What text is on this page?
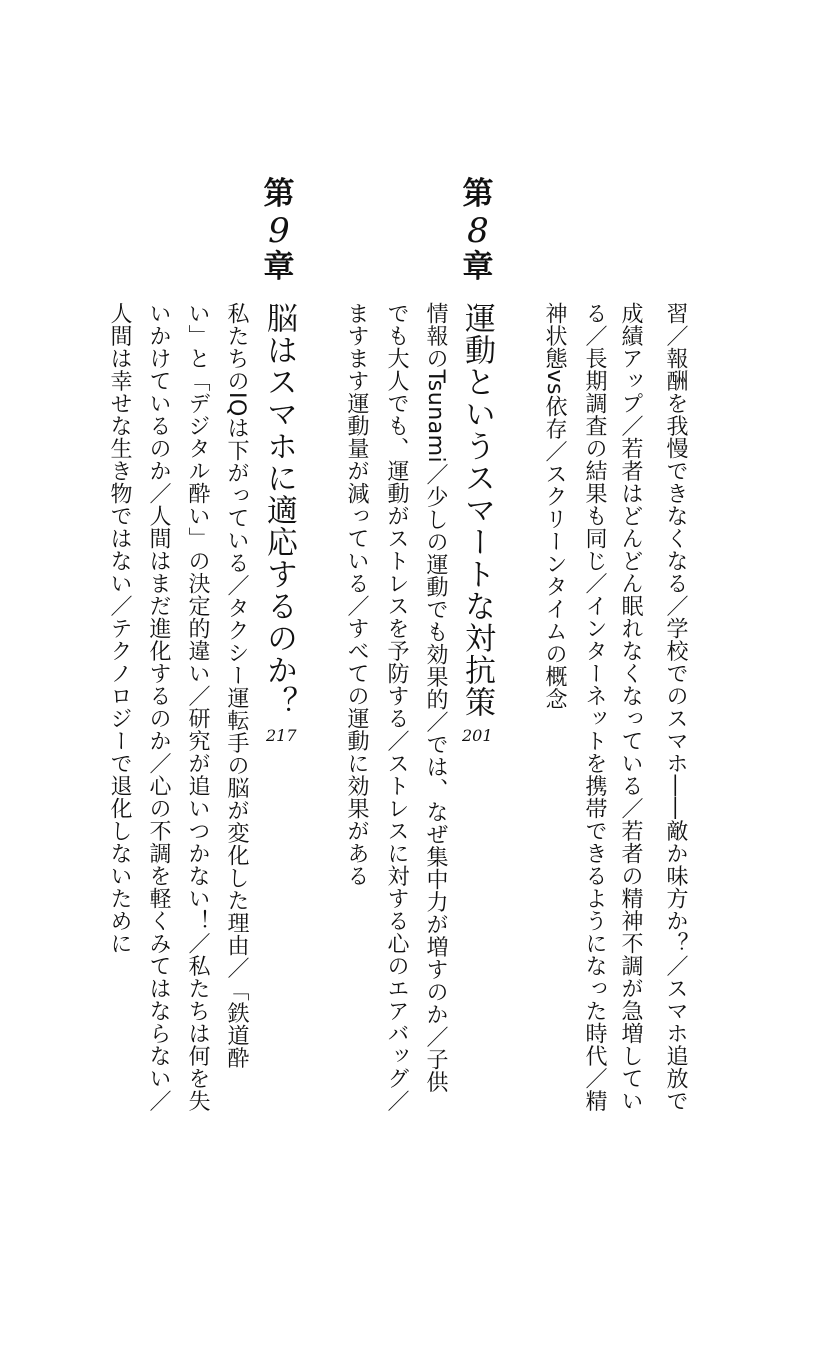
習／報酬を我慢できなくなる／学校でのスマホ――敵か味方か？／スマホ追放で
成績アップ／若者はどんどん眠れなくなっている／若者の精神不調が急増してい
る／長期調査の結果も同じ／インターネットを携帯できるようになった時代／精
神状態vs依存／スクリーンタイムの概念
第
8
章
運動というスマートな対抗策
201
情報のTsunami／少しの運動でも効果的／では、なぜ集中力が増すのか／子供
でも大人でも、運動がストレスを予防する／ストレスに対する心のエアバッグ／
ますます運動量が減っている／すべての運動に効果がある
第
9
章
脳はスマホに適応するのか？
217
私たちのIQは下がっている／タクシー運転手の脳が変化した理由／「鉄道酔
い」と「デジタル酔い」の決定的違い／研究が追いつかない！／私たちは何を失
いかけているのか／人間はまだ進化するのか／心の不調を軽くみてはならない／
人間は幸せな生き物ではない／テクノロジーで退化しないために
